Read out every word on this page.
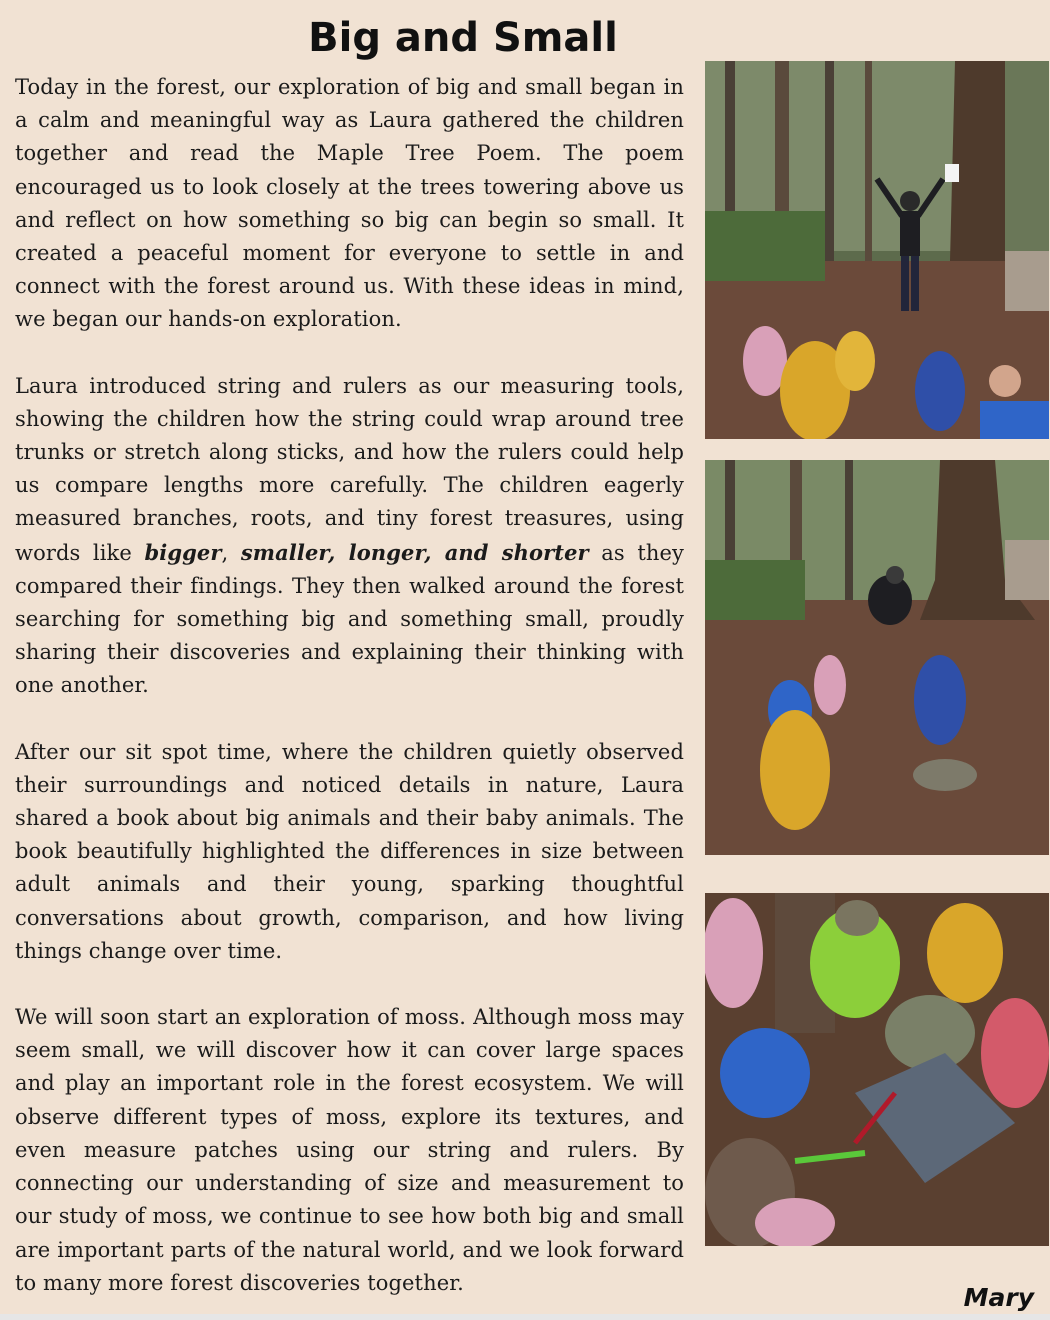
Big and Small

Today in the forest, our exploration of big and small began in a calm and meaningful way as Laura gathered the children together and read the Maple Tree Poem. The poem encouraged us to look closely at the trees towering above us and reflect on how something so big can begin so small. It created a peaceful moment for everyone to settle in and connect with the forest around us. With these ideas in mind, we began our hands-on exploration.

Laura introduced string and rulers as our measuring tools, showing the children how the string could wrap around tree trunks or stretch along sticks, and how the rulers could help us compare lengths more carefully. The children eagerly measured branches, roots, and tiny forest treasures, using words like bigger, smaller, longer, and shorter as they compared their findings. They then walked around the forest searching for something big and something small, proudly sharing their discoveries and explaining their thinking with one another.

After our sit spot time, where the children quietly observed their surroundings and noticed details in nature, Laura shared a book about big animals and their baby animals. The book beautifully highlighted the differences in size between adult animals and their young, sparking thoughtful conversations about growth, comparison, and how living things change over time.

We will soon start an exploration of moss. Although moss may seem small, we will discover how it can cover large spaces and play an important role in the forest ecosystem. We will observe different types of moss, explore its textures, and even measure patches using our string and rulers. By connecting our understanding of size and measurement to our study of moss, we continue to see how both big and small are important parts of the natural world, and we look forward to many more forest discoveries together.

Mary
